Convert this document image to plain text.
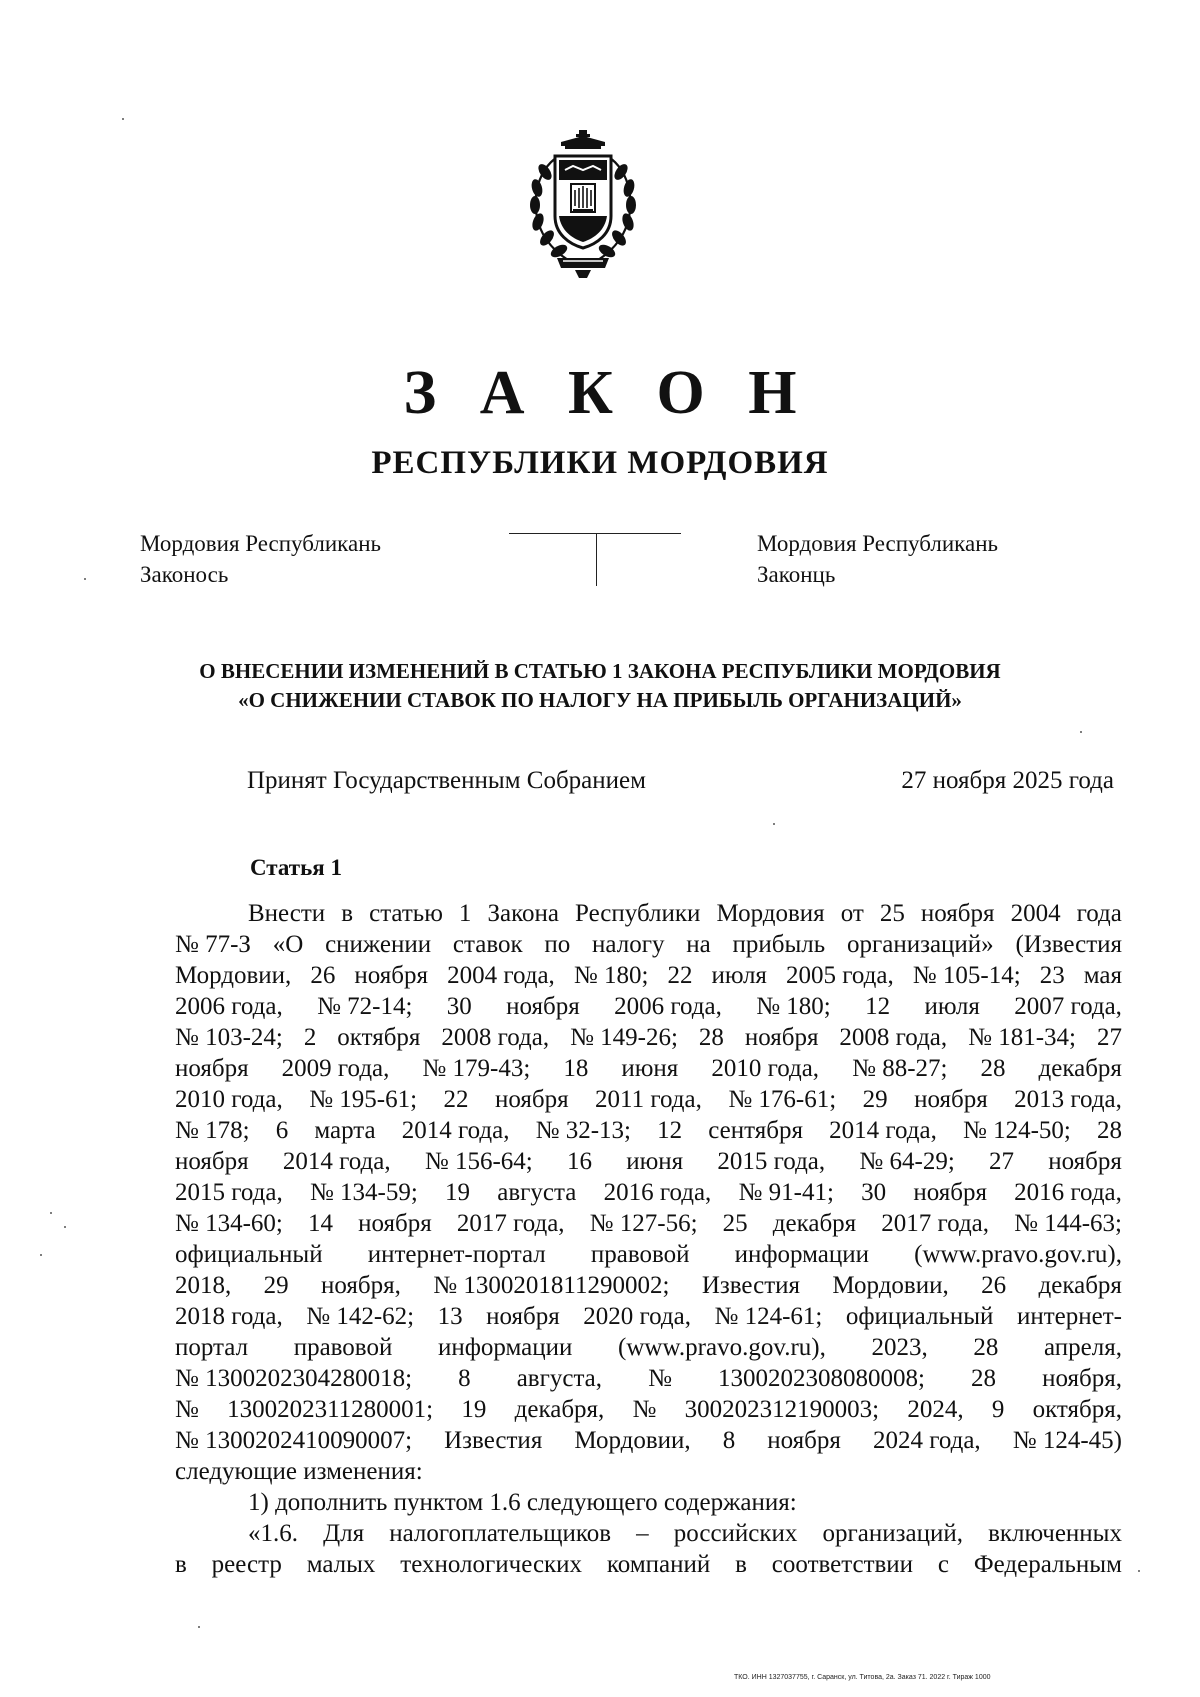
З А К О Н
РЕСПУБЛИКИ МОРДОВИЯ
Мордовия Республикань
Законось
Мордовия Республикань
Законць
О ВНЕСЕНИИ ИЗМЕНЕНИЙ В СТАТЬЮ 1 ЗАКОНА РЕСПУБЛИКИ МОРДОВИЯ
«О СНИЖЕНИИ СТАВОК ПО НАЛОГУ НА ПРИБЫЛЬ ОРГАНИЗАЦИЙ»
Принят Государственным Собранием	27 ноября 2025 года
Статья 1
Внести в статью 1 Закона Республики Мордовия от 25 ноября 2004 года
№ 77-З «О снижении ставок по налогу на прибыль организаций» (Известия
Мордовии, 26 ноября 2004 года, № 180; 22 июля 2005 года, № 105-14; 23 мая
2006 года, № 72-14; 30 ноября 2006 года, № 180; 12 июля 2007 года,
№ 103-24; 2 октября 2008 года, № 149-26; 28 ноября 2008 года, № 181-34; 27
ноября 2009 года, № 179-43; 18 июня 2010 года, № 88-27; 28 декабря
2010 года, № 195-61; 22 ноября 2011 года, № 176-61; 29 ноября 2013 года,
№ 178; 6 марта 2014 года, № 32-13; 12 сентября 2014 года, № 124-50; 28
ноября 2014 года, № 156-64; 16 июня 2015 года, № 64-29; 27 ноября
2015 года, № 134-59; 19 августа 2016 года, № 91-41; 30 ноября 2016 года,
№ 134-60; 14 ноября 2017 года, № 127-56; 25 декабря 2017 года, № 144-63;
официальный интернет-портал правовой информации (www.pravo.gov.ru),
2018, 29 ноября, № 1300201811290002; Известия Мордовии, 26 декабря
2018 года, № 142-62; 13 ноября 2020 года, № 124-61; официальный интернет-
портал правовой информации (www.pravo.gov.ru), 2023, 28 апреля,
№ 1300202304280018; 8 августа, № 1300202308080008; 28 ноября,
№ 1300202311280001; 19 декабря, № 300202312190003; 2024, 9 октября,
№ 1300202410090007; Известия Мордовии, 8 ноября 2024 года, № 124-45)
следующие изменения:
1) дополнить пунктом 1.6 следующего содержания:
«1.6. Для налогоплательщиков – российских организаций, включенных
в реестр малых технологических компаний в соответствии с Федеральным
ТКО. ИНН 1327037755, г. Саранск, ул. Титова, 2а. Заказ 71. 2022 г. Тираж 1000
